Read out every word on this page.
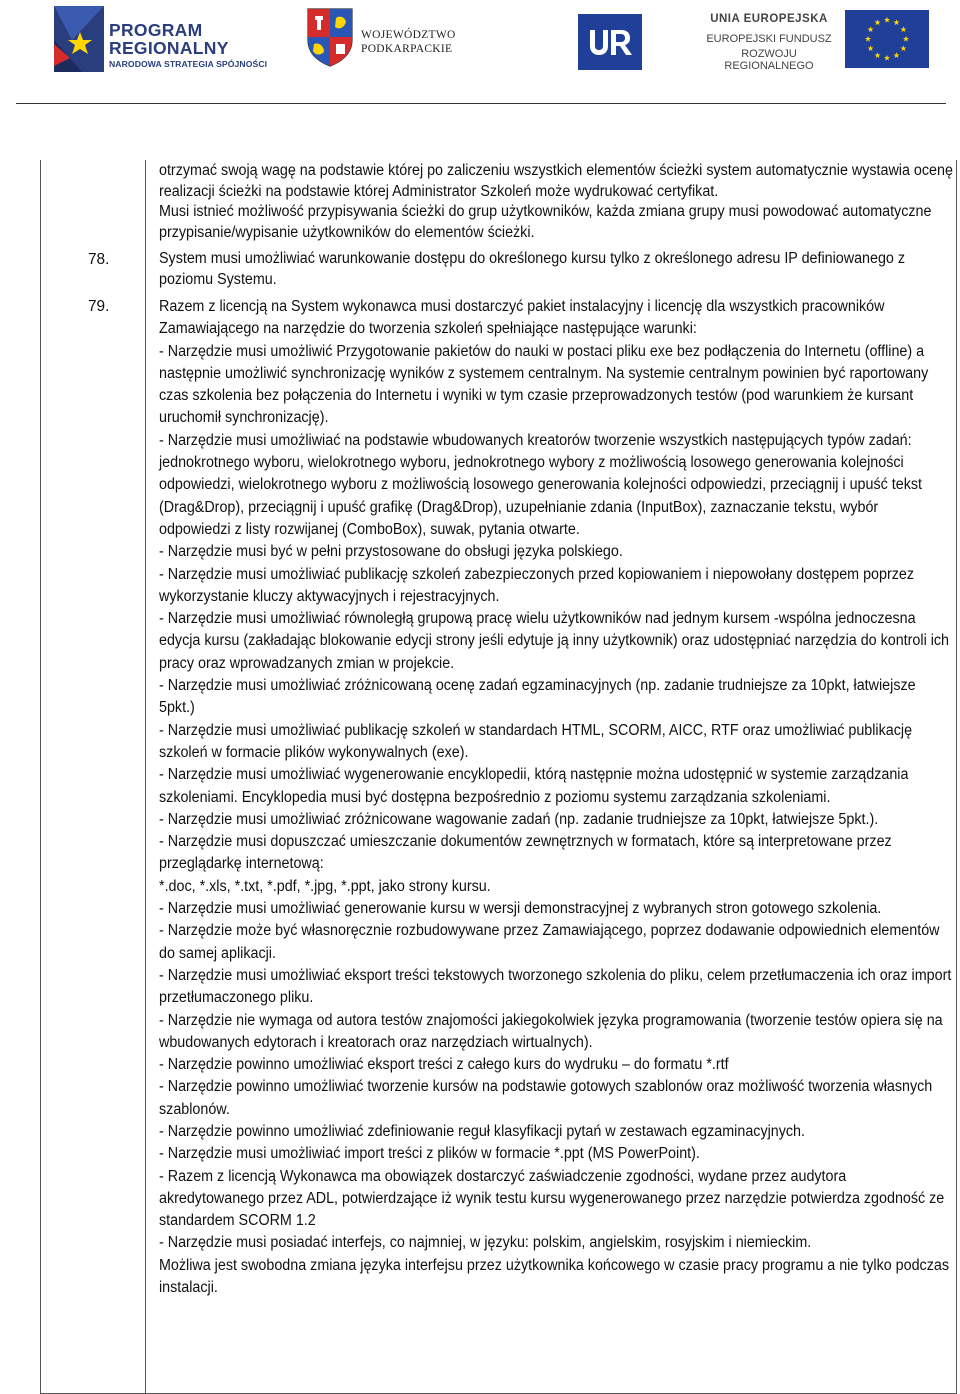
PROGRAM
REGIONALNY
NARODOWA STRATEGIA SPÓJNOŚCI
WOJEWÓDZTWO
PODKARPACKIE
UNIA EUROPEJSKA
EUROPEJSKI FUNDUSZ
ROZWOJU REGIONALNEGO

otrzymać swoją wagę na podstawie której po zaliczeniu wszystkich elementów ścieżki system automatycznie wystawia ocenę realizacji ścieżki na podstawie której Administrator Szkoleń może wydrukować certyfikat.

Musi istnieć możliwość przypisywania ścieżki do grup użytkowników, każda zmiana grupy musi powodować automatyczne przypisanie/wypisanie użytkowników do elementów ścieżki.

78.	System musi umożliwiać warunkowanie dostępu do określonego kursu tylko z określonego adresu IP definiowanego z poziomu Systemu.

79.	Razem z licencją na System wykonawca musi dostarczyć pakiet instalacyjny i licencję dla wszystkich pracowników Zamawiającego na narzędzie do tworzenia szkoleń spełniające następujące warunki:

- Narzędzie musi umożliwić Przygotowanie pakietów do nauki w postaci pliku exe bez podłączenia do Internetu (offline) a następnie umożliwić synchronizację wyników z systemem centralnym. Na systemie centralnym powinien być raportowany czas szkolenia bez połączenia do Internetu i wyniki w tym czasie przeprowadzonych testów (pod warunkiem że kursant uruchomił synchronizację).

- Narzędzie musi umożliwiać na podstawie wbudowanych kreatorów tworzenie wszystkich następujących typów zadań: jednokrotnego wyboru, wielokrotnego wyboru, jednokrotnego wybory z możliwością losowego generowania kolejności odpowiedzi, wielokrotnego wyboru z możliwością losowego generowania kolejności odpowiedzi, przeciągnij i upuść tekst (Drag&Drop), przeciągnij i upuść grafikę (Drag&Drop), uzupełnianie zdania (InputBox), zaznaczanie tekstu, wybór odpowiedzi z listy rozwijanej (ComboBox), suwak, pytania otwarte.

- Narzędzie musi być w pełni przystosowane do obsługi języka polskiego.

- Narzędzie musi umożliwiać publikację szkoleń zabezpieczonych przed kopiowaniem i niepowołany dostępem poprzez wykorzystanie kluczy aktywacyjnych i rejestracyjnych.

- Narzędzie musi umożliwiać równoległą grupową pracę wielu użytkowników nad jednym kursem -wspólna jednoczesna edycja kursu (zakładając blokowanie edycji strony jeśli edytuje ją inny użytkownik) oraz udostępniać narzędzia do kontroli ich pracy oraz wprowadzanych zmian w projekcie.

- Narzędzie musi umożliwiać zróżnicowaną ocenę zadań egzaminacyjnych (np. zadanie trudniejsze za 10pkt, łatwiejsze 5pkt.)

- Narzędzie musi umożliwiać publikację szkoleń w standardach HTML, SCORM, AICC, RTF oraz umożliwiać publikację szkoleń w formacie plików wykonywalnych (exe).

- Narzędzie musi umożliwiać wygenerowanie encyklopedii, którą następnie można udostępnić w systemie zarządzania szkoleniami. Encyklopedia musi być dostępna bezpośrednio z poziomu systemu zarządzania szkoleniami.

- Narzędzie musi umożliwiać zróżnicowane wagowanie zadań (np. zadanie trudniejsze za 10pkt, łatwiejsze 5pkt.).

- Narzędzie musi dopuszczać umieszczanie dokumentów zewnętrznych w formatach, które są interpretowane przez przeglądarkę internetową:

*.doc, *.xls, *.txt, *.pdf, *.jpg, *.ppt, jako strony kursu.

- Narzędzie musi umożliwiać generowanie kursu w wersji demonstracyjnej z wybranych stron gotowego szkolenia.

- Narzędzie może być własnoręcznie rozbudowywane przez Zamawiającego, poprzez dodawanie odpowiednich elementów do samej aplikacji.

- Narzędzie musi umożliwiać eksport treści tekstowych tworzonego szkolenia do pliku, celem przetłumaczenia ich oraz import przetłumaczonego pliku.

- Narzędzie nie wymaga od autora testów znajomości jakiegokolwiek języka programowania (tworzenie testów opiera się na wbudowanych edytorach i kreatorach oraz narzędziach wirtualnych).

- Narzędzie powinno umożliwiać eksport treści z całego kurs do wydruku – do formatu *.rtf

- Narzędzie powinno umożliwiać tworzenie kursów na podstawie gotowych szablonów oraz możliwość tworzenia własnych szablonów.

- Narzędzie powinno umożliwiać zdefiniowanie reguł klasyfikacji pytań w zestawach egzaminacyjnych.

- Narzędzie musi umożliwiać import treści z plików w formacie *.ppt (MS PowerPoint).

- Razem z licencją Wykonawca ma obowiązek dostarczyć zaświadczenie zgodności, wydane przez audytora akredytowanego przez ADL, potwierdzające iż wynik testu kursu wygenerowanego przez narzędzie potwierdza zgodność ze standardem SCORM 1.2

- Narzędzie musi posiadać interfejs, co najmniej, w języku: polskim, angielskim, rosyjskim i niemieckim.

Możliwa jest swobodna zmiana języka interfejsu przez użytkownika końcowego w czasie pracy programu a nie tylko podczas instalacji.
